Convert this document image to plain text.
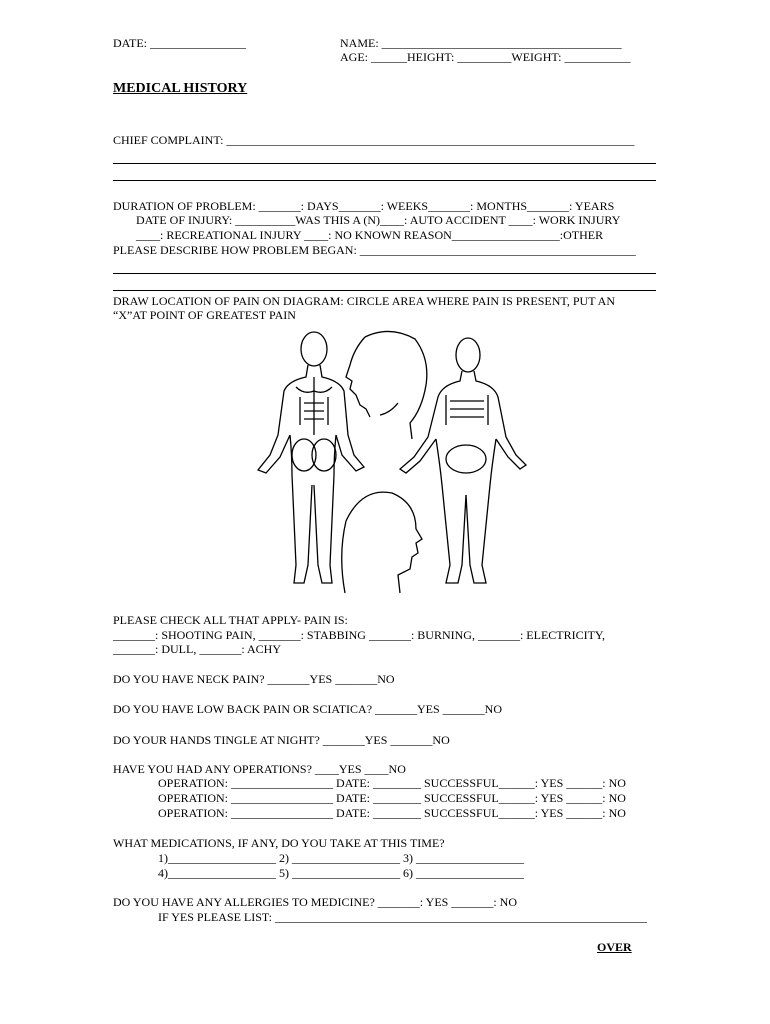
DATE: ________________	NAME: ________________________________________
AGE: ______HEIGHT: _________WEIGHT: ___________
MEDICAL HISTORY
CHIEF COMPLAINT: ____________________________________________________________________
DURATION OF PROBLEM: _______: DAYS_______: WEEKS_______: MONTHS_______: YEARS
DATE OF INJURY: __________WAS THIS A (N)____: AUTO ACCIDENT ____: WORK INJURY
____: RECREATIONAL INJURY ____: NO KNOWN REASON__________________:OTHER
PLEASE DESCRIBE HOW PROBLEM BEGAN: ______________________________________________
DRAW LOCATION OF PAIN ON DIAGRAM: CIRCLE AREA WHERE PAIN IS PRESENT, PUT AN
“X”AT POINT OF GREATEST PAIN
PLEASE CHECK ALL THAT APPLY- PAIN IS:
_______: SHOOTING PAIN, _______: STABBING _______: BURNING, _______: ELECTRICITY,
_______: DULL, _______: ACHY
DO YOU HAVE NECK PAIN? _______YES _______NO
DO YOU HAVE LOW BACK PAIN OR SCIATICA? _______YES _______NO
DO YOUR HANDS TINGLE AT NIGHT? _______YES _______NO
HAVE YOU HAD ANY OPERATIONS? ____YES ____NO
OPERATION: _________________ DATE: ________ SUCCESSFUL______: YES ______: NO
OPERATION: _________________ DATE: ________ SUCCESSFUL______: YES ______: NO
OPERATION: _________________ DATE: ________ SUCCESSFUL______: YES ______: NO
WHAT MEDICATIONS, IF ANY, DO YOU TAKE AT THIS TIME?
1)__________________ 2) __________________ 3) __________________
4)__________________ 5) __________________ 6) __________________
DO YOU HAVE ANY ALLERGIES TO MEDICINE? _______: YES _______: NO
IF YES PLEASE LIST: ______________________________________________________________
OVER
